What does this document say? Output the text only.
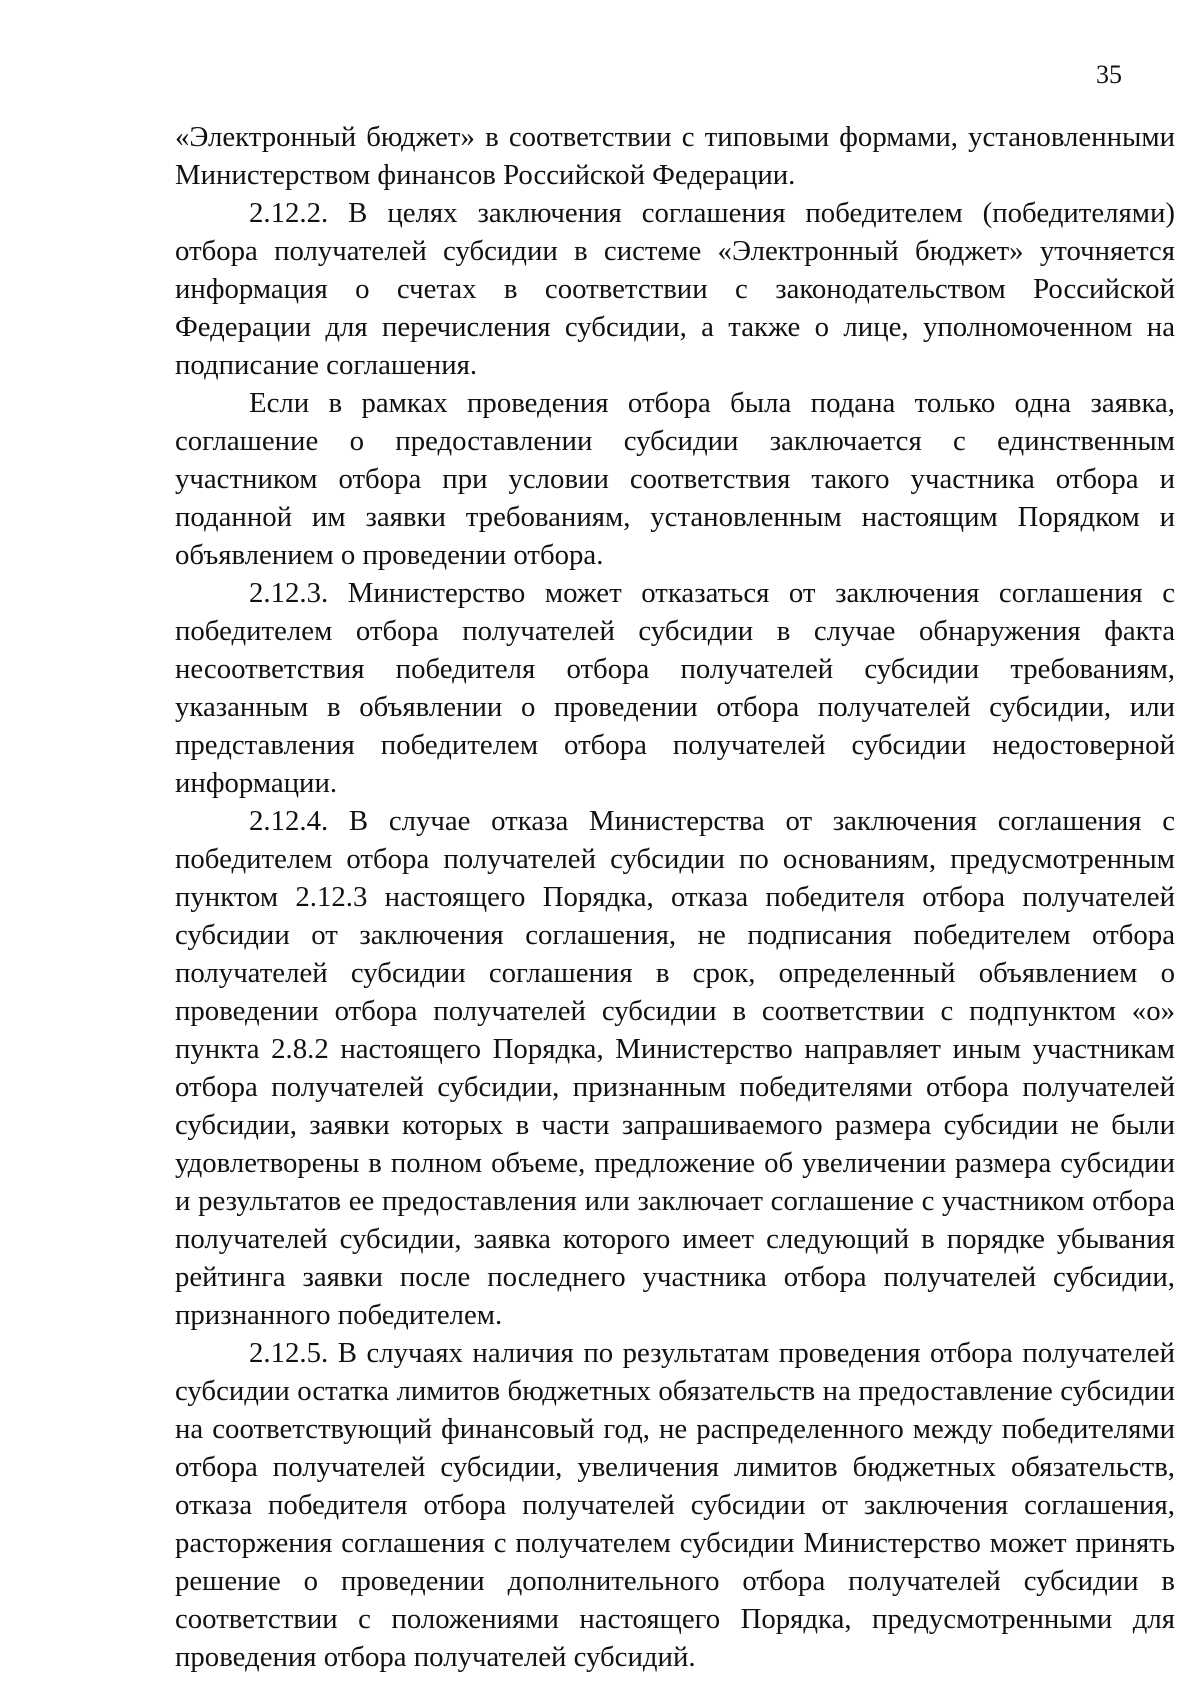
35

«Электронный бюджет» в соответствии с типовыми формами, установленными Министерством финансов Российской Федерации.

2.12.2. В целях заключения соглашения победителем (победителями) отбора получателей субсидии в системе «Электронный бюджет» уточняется информация о счетах в соответствии с законодательством Российской Федерации для перечисления субсидии, а также о лице, уполномоченном на подписание соглашения.

Если в рамках проведения отбора была подана только одна заявка, соглашение о предоставлении субсидии заключается с единственным участником отбора при условии соответствия такого участника отбора и поданной им заявки требованиям, установленным настоящим Порядком и объявлением о проведении отбора.

2.12.3. Министерство может отказаться от заключения соглашения с победителем отбора получателей субсидии в случае обнаружения факта несоответствия победителя отбора получателей субсидии требованиям, указанным в объявлении о проведении отбора получателей субсидии, или представления победителем отбора получателей субсидии недостоверной информации.

2.12.4. В случае отказа Министерства от заключения соглашения с победителем отбора получателей субсидии по основаниям, предусмотренным пунктом 2.12.3 настоящего Порядка, отказа победителя отбора получателей субсидии от заключения соглашения, не подписания победителем отбора получателей субсидии соглашения в срок, определенный объявлением о проведении отбора получателей субсидии в соответствии с подпунктом «о» пункта 2.8.2 настоящего Порядка, Министерство направляет иным участникам отбора получателей субсидии, признанным победителями отбора получателей субсидии, заявки которых в части запрашиваемого размера субсидии не были удовлетворены в полном объеме, предложение об увеличении размера субсидии и результатов ее предоставления или заключает соглашение с участником отбора получателей субсидии, заявка которого имеет следующий в порядке убывания рейтинга заявки после последнего участника отбора получателей субсидии, признанного победителем.

2.12.5. В случаях наличия по результатам проведения отбора получателей субсидии остатка лимитов бюджетных обязательств на предоставление субсидии на соответствующий финансовый год, не распределенного между победителями отбора получателей субсидии, увеличения лимитов бюджетных обязательств, отказа победителя отбора получателей субсидии от заключения соглашения, расторжения соглашения с получателем субсидии Министерство может принять решение о проведении дополнительного отбора получателей субсидии в соответствии с положениями настоящего Порядка, предусмотренными для проведения отбора получателей субсидий.
